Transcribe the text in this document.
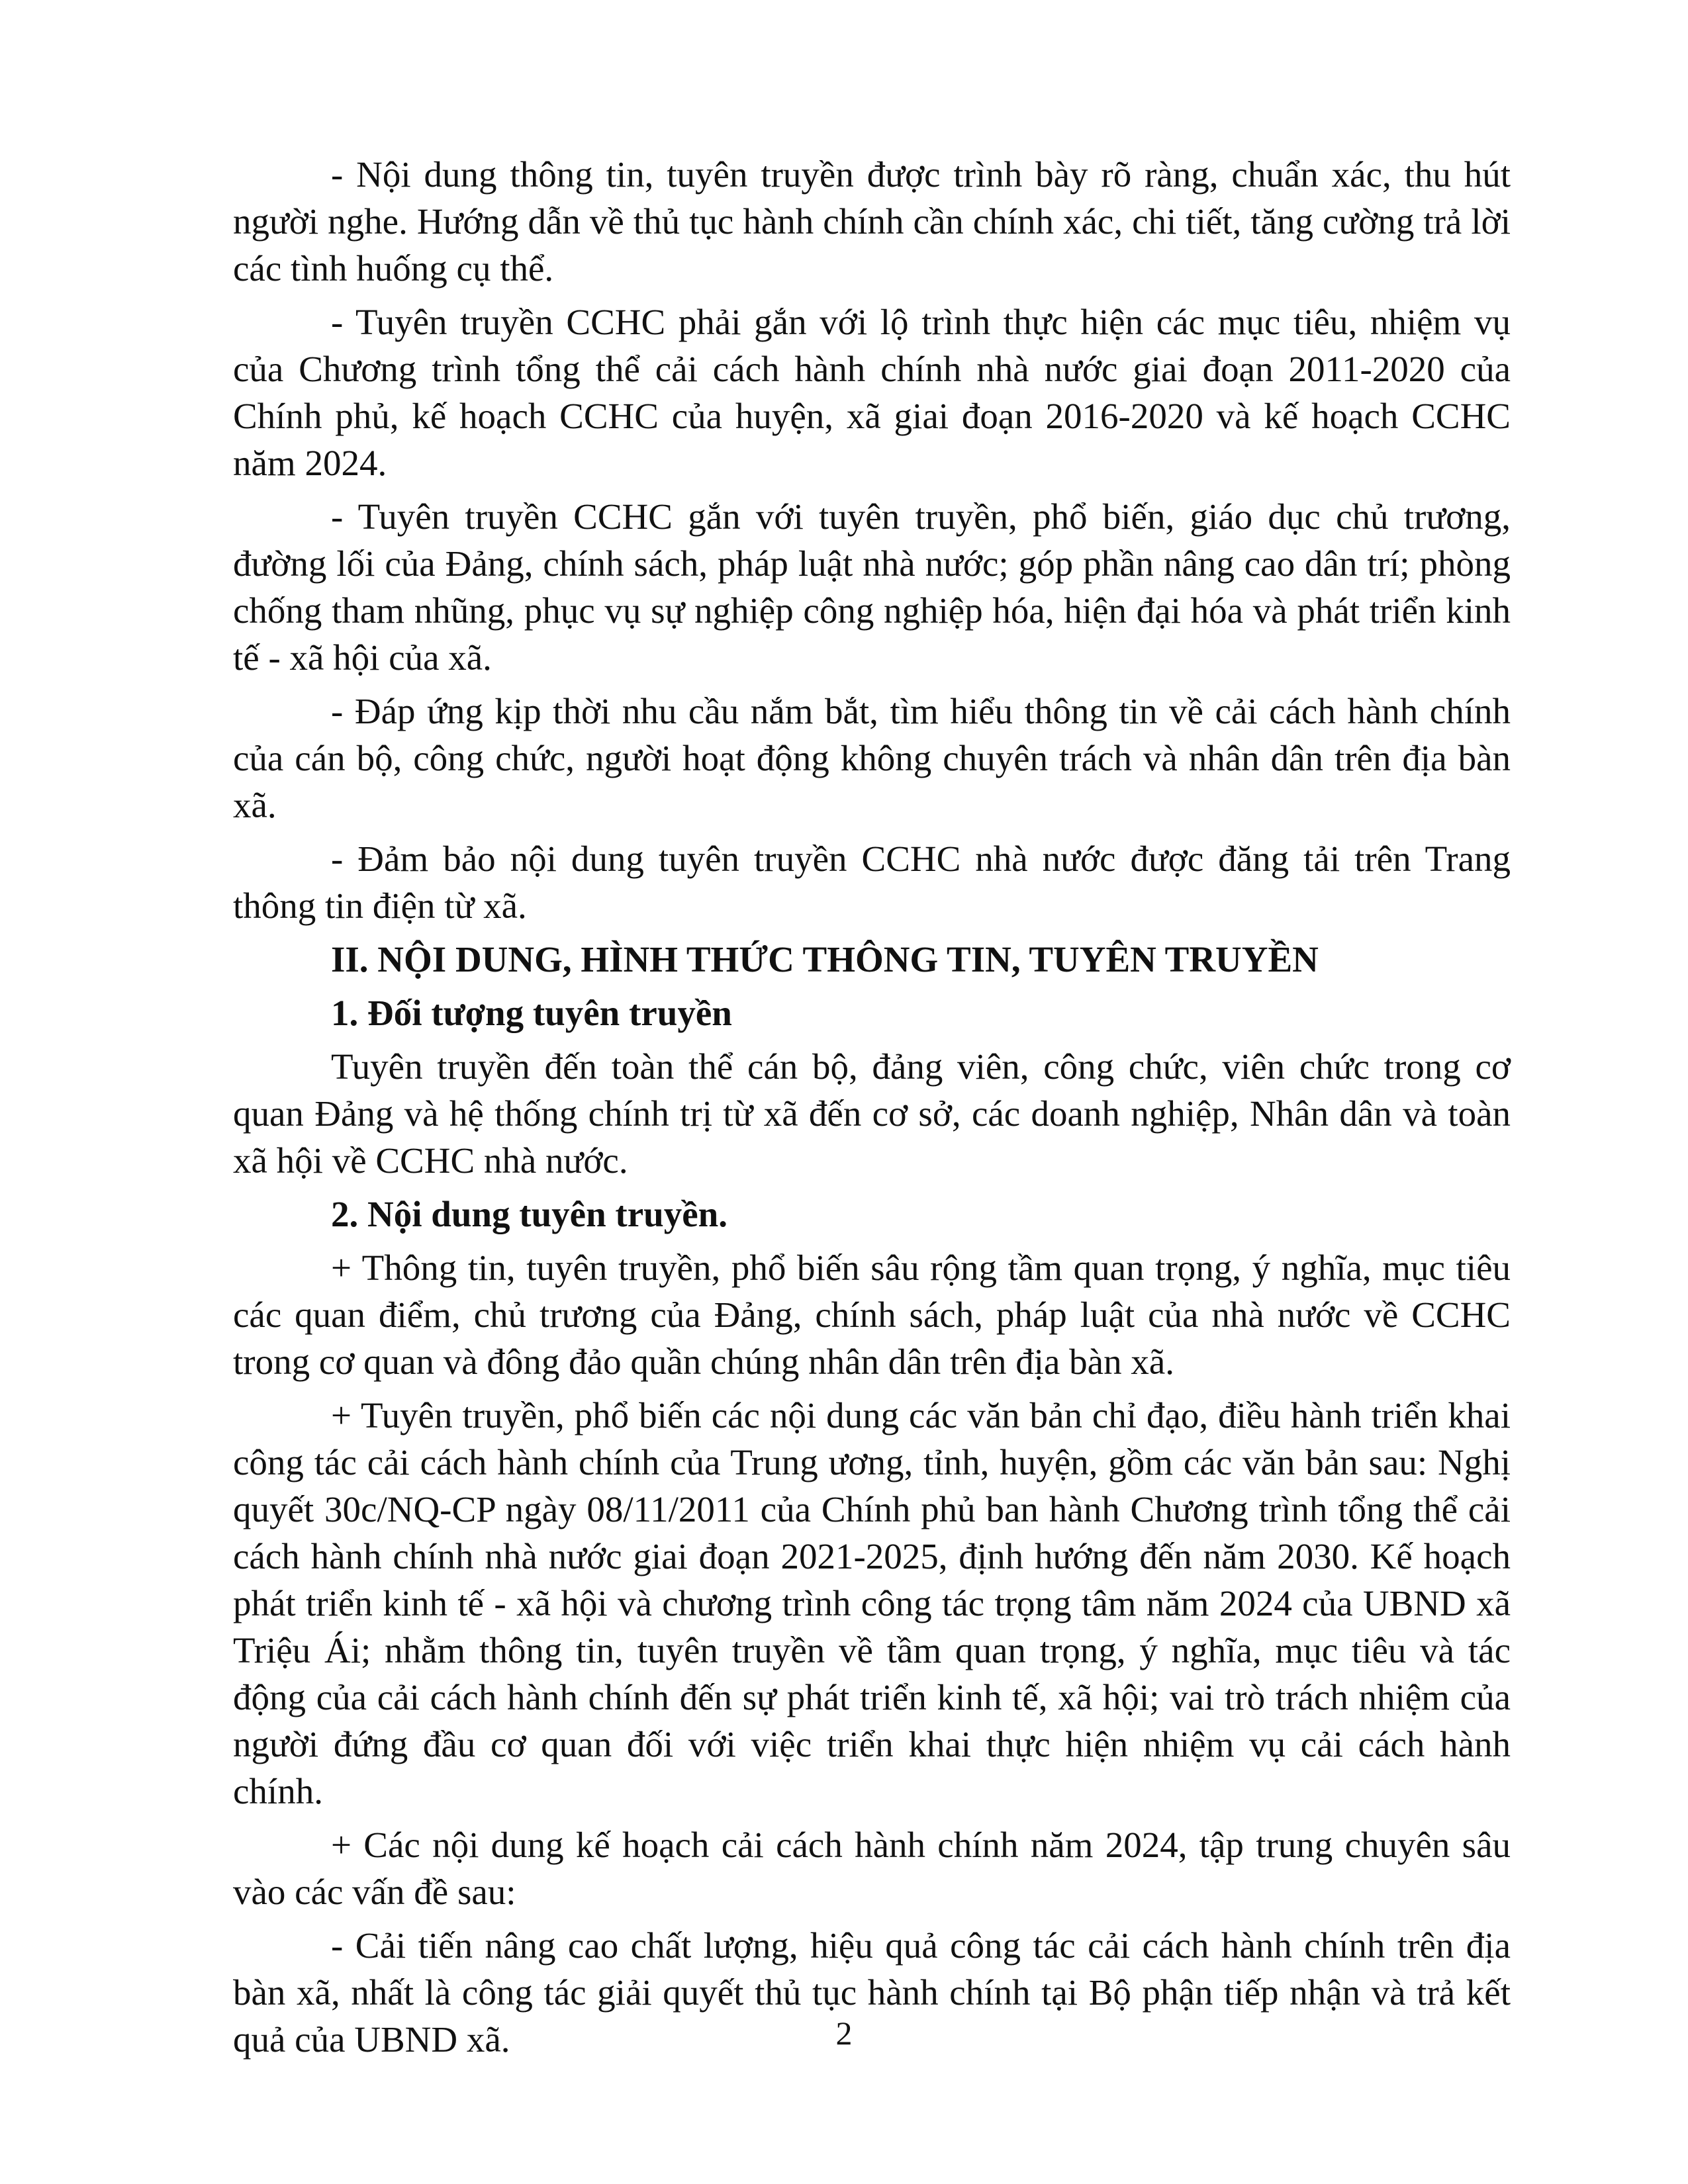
- Nội dung thông tin, tuyên truyền được trình bày rõ ràng, chuẩn xác, thu hút người nghe. Hướng dẫn về thủ tục hành chính cần chính xác, chi tiết, tăng cường trả lời các tình huống cụ thể.

- Tuyên truyền CCHC phải gắn với lộ trình thực hiện các mục tiêu, nhiệm vụ của Chương trình tổng thể cải cách hành chính nhà nước giai đoạn 2011-2020 của Chính phủ, kế hoạch CCHC của huyện, xã giai đoạn 2016-2020 và kế hoạch CCHC năm 2024.

- Tuyên truyền CCHC gắn với tuyên truyền, phổ biến, giáo dục chủ trương, đường lối của Đảng, chính sách, pháp luật nhà nước; góp phần nâng cao dân trí; phòng chống tham nhũng, phục vụ sự nghiệp công nghiệp hóa, hiện đại hóa và phát triển kinh tế - xã hội của xã.

- Đáp ứng kịp thời nhu cầu nắm bắt, tìm hiểu thông tin về cải cách hành chính của cán bộ, công chức, người hoạt động không chuyên trách và nhân dân trên địa bàn xã.

- Đảm bảo nội dung tuyên truyền CCHC nhà nước được đăng tải trên Trang thông tin điện từ xã.

II. NỘI DUNG, HÌNH THỨC THÔNG TIN, TUYÊN TRUYỀN

1. Đối tượng tuyên truyền

Tuyên truyền đến toàn thể cán bộ, đảng viên, công chức, viên chức trong cơ quan Đảng và hệ thống chính trị từ xã đến cơ sở, các doanh nghiệp, Nhân dân và toàn xã hội về CCHC nhà nước.

2. Nội dung tuyên truyền.

+ Thông tin, tuyên truyền, phổ biến sâu rộng tầm quan trọng, ý nghĩa, mục tiêu các quan điểm, chủ trương của Đảng, chính sách, pháp luật của nhà nước về CCHC trong cơ quan và đông đảo quần chúng nhân dân trên địa bàn xã.

+ Tuyên truyền, phổ biến các nội dung các văn bản chỉ đạo, điều hành triển khai công tác cải cách hành chính của Trung ương, tỉnh, huyện, gồm các văn bản sau: Nghị quyết 30c/NQ-CP ngày 08/11/2011 của Chính phủ ban hành Chương trình tổng thể cải cách hành chính nhà nước giai đoạn 2021-2025, định hướng đến năm 2030. Kế hoạch phát triển kinh tế - xã hội và chương trình công tác trọng tâm năm 2024 của UBND xã Triệu Ái; nhằm thông tin, tuyên truyền về tầm quan trọng, ý nghĩa, mục tiêu và tác động của cải cách hành chính đến sự phát triển kinh tế, xã hội; vai trò trách nhiệm của người đứng đầu cơ quan đối với việc triển khai thực hiện nhiệm vụ cải cách hành chính.

+ Các nội dung kế hoạch cải cách hành chính năm 2024, tập trung chuyên sâu vào các vấn đề sau:

- Cải tiến nâng cao chất lượng, hiệu quả công tác cải cách hành chính trên địa bàn xã, nhất là công tác giải quyết thủ tục hành chính tại Bộ phận tiếp nhận và trả kết quả của UBND xã.	2
